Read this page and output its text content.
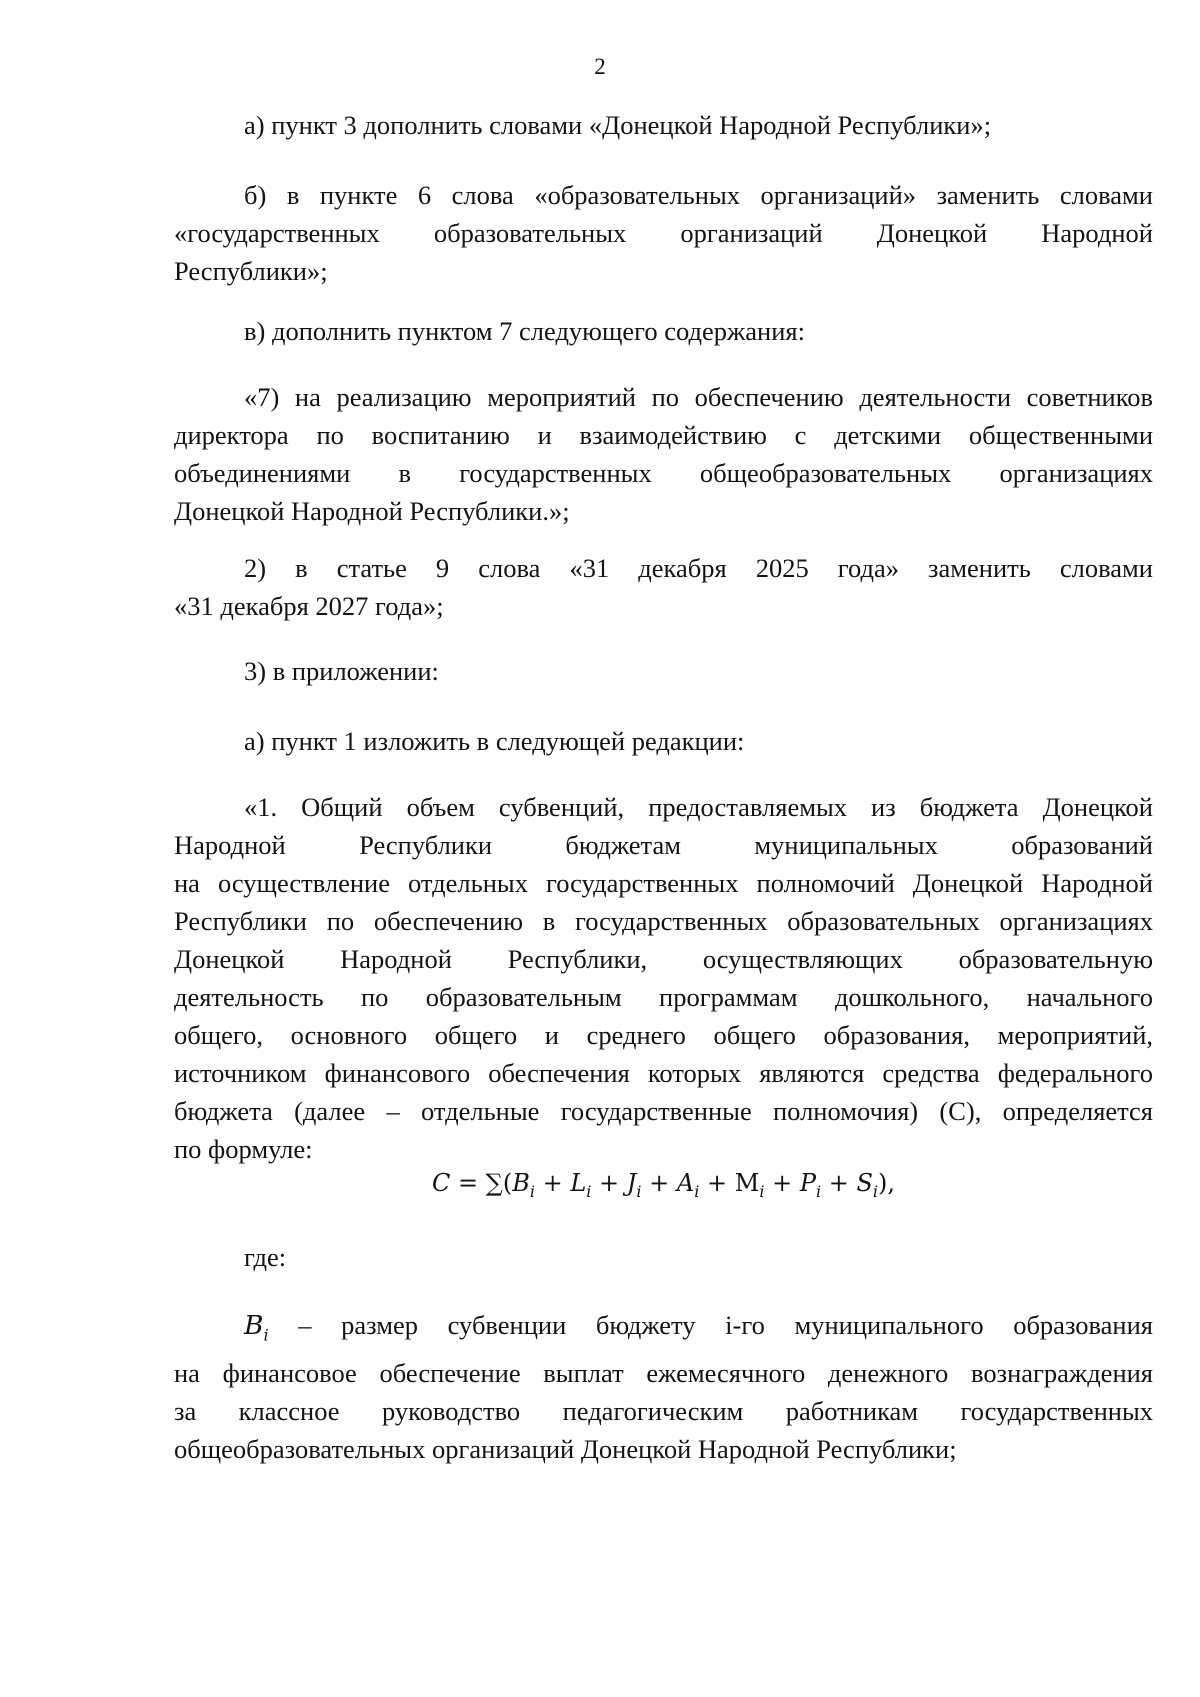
2

а) пункт 3 дополнить словами «Донецкой Народной Республики»;

б) в пункте 6 слова «образовательных организаций» заменить словами
«государственных образовательных организаций Донецкой Народной
Республики»;

в) дополнить пунктом 7 следующего содержания:

«7) на реализацию мероприятий по обеспечению деятельности советников
директора по воспитанию и взаимодействию с детскими общественными
объединениями в государственных общеобразовательных организациях
Донецкой Народной Республики.»;
2) в статье 9 слова «31 декабря 2025 года» заменить словами
«31 декабря 2027 года»;

3) в приложении:

а) пункт 1 изложить в следующей редакции:

«1. Общий объем субвенций, предоставляемых из бюджета Донецкой
Народной Республики бюджетам муниципальных образований
на осуществление отдельных государственных полномочий Донецкой Народной
Республики по обеспечению в государственных образовательных организациях
Донецкой Народной Республики, осуществляющих образовательную
деятельность по образовательным программам дошкольного, начального
общего, основного общего и среднего общего образования, мероприятий,
источником финансового обеспечения которых являются средства федерального
бюджета (далее – отдельные государственные полномочия) (С), определяется
по формуле:
$C = \sum(B_i + L_i + J_i + A_i + M_i + P_i + S_i)$,

где:

$B_i$ – размер субвенции бюджету i-го муниципального образования
на финансовое обеспечение выплат ежемесячного денежного вознаграждения
за классное руководство педагогическим работникам государственных
общеобразовательных организаций Донецкой Народной Республики;
